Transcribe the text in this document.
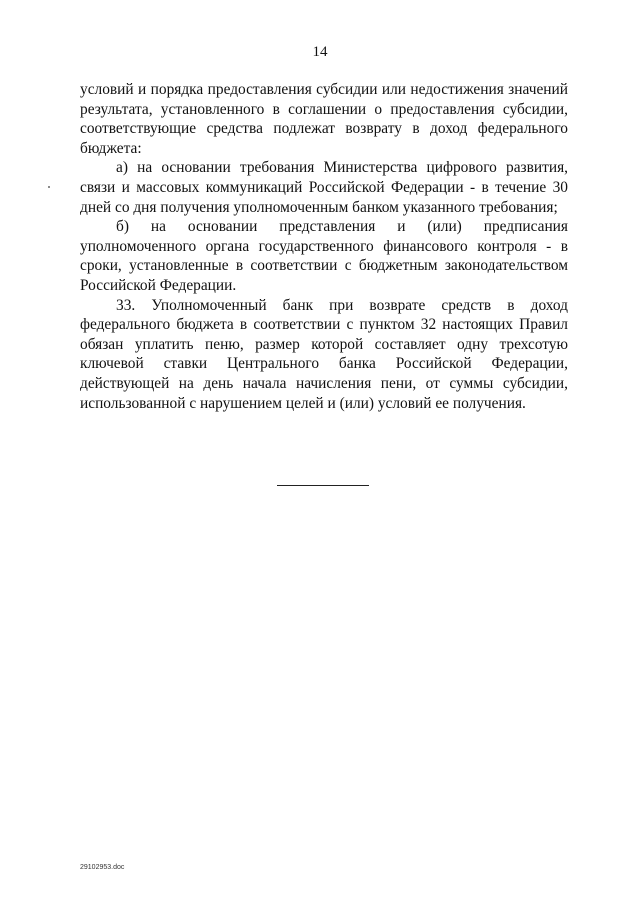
14

условий и порядка предоставления субсидии или недостижения значений результата, установленного в соглашении о предоставления субсидии, соответствующие средства подлежат возврату в доход федерального бюджета:

а) на основании требования Министерства цифрового развития, связи и массовых коммуникаций Российской Федерации - в течение 30 дней со дня получения уполномоченным банком указанного требования;

б) на основании представления и (или) предписания уполномоченного органа государственного финансового контроля - в сроки, установленные в соответствии с бюджетным законодательством Российской Федерации.

33. Уполномоченный банк при возврате средств в доход федерального бюджета в соответствии с пунктом 32 настоящих Правил обязан уплатить пеню, размер которой составляет одну трехсотую ключевой ставки Центрального банка Российской Федерации, действующей на день начала начисления пени, от суммы субсидии, использованной с нарушением целей и (или) условий ее получения.

29102953.doc
